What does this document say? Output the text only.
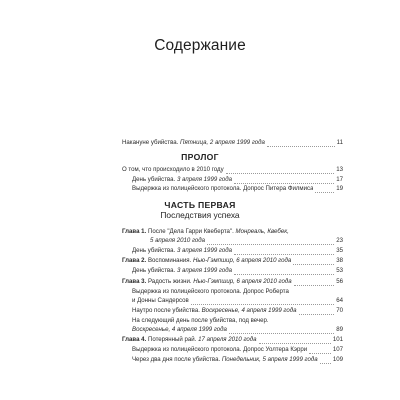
Содержание
Накануне убийства. Пятница, 2 апреля 1999 года	11
ПРОЛОГ
О том, что происходило в 2010 году	13
День убийства. 3 апреля 1999 года	17
Выдержка из полицейского протокола. Допрос Питера Филмиса	19
ЧАСТЬ ПЕРВАЯ
Последствия успеха
Глава 1. После "Дела Гарри Квеберта". Монреаль, Квебек,
5 апреля 2010 года	23
День убийства. 3 апреля 1999 года	35
Глава 2. Воспоминания. Нью-Гэмпшир, 6 апреля 2010 года	38
День убийства. 3 апреля 1999 года	53
Глава 3. Радость жизни. Нью-Гэмпшир, 6 апреля 2010 года	56
Выдержка из полицейского протокола. Допрос Роберта
и Донны Сандерсов	64
Наутро после убийства. Воскресенье, 4 апреля 1999 года	70
На следующий день после убийства, под вечер.
Воскресенье, 4 апреля 1999 года	89
Глава 4. Потерянный рай. 17 апреля 2010 года	101
Выдержка из полицейского протокола. Допрос Уолтера Кэрри	107
Через два дня после убийства. Понедельник, 5 апреля 1999 года 109
